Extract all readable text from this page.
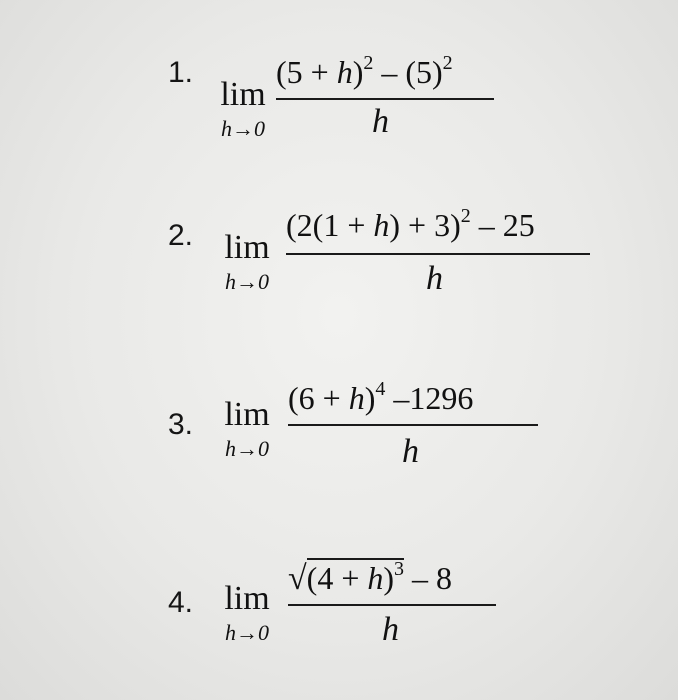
1.
lim
h→0
$(5 + h)^2 - (5)^2$
h
2. lim
h→0
$(2(1 + h) + 3)^2 - 25$
h
3. lim
h→0
$(6 + h)^4$ –1296
h
4. lim
h→0
$√(4 + h)^3 - 8$
h
